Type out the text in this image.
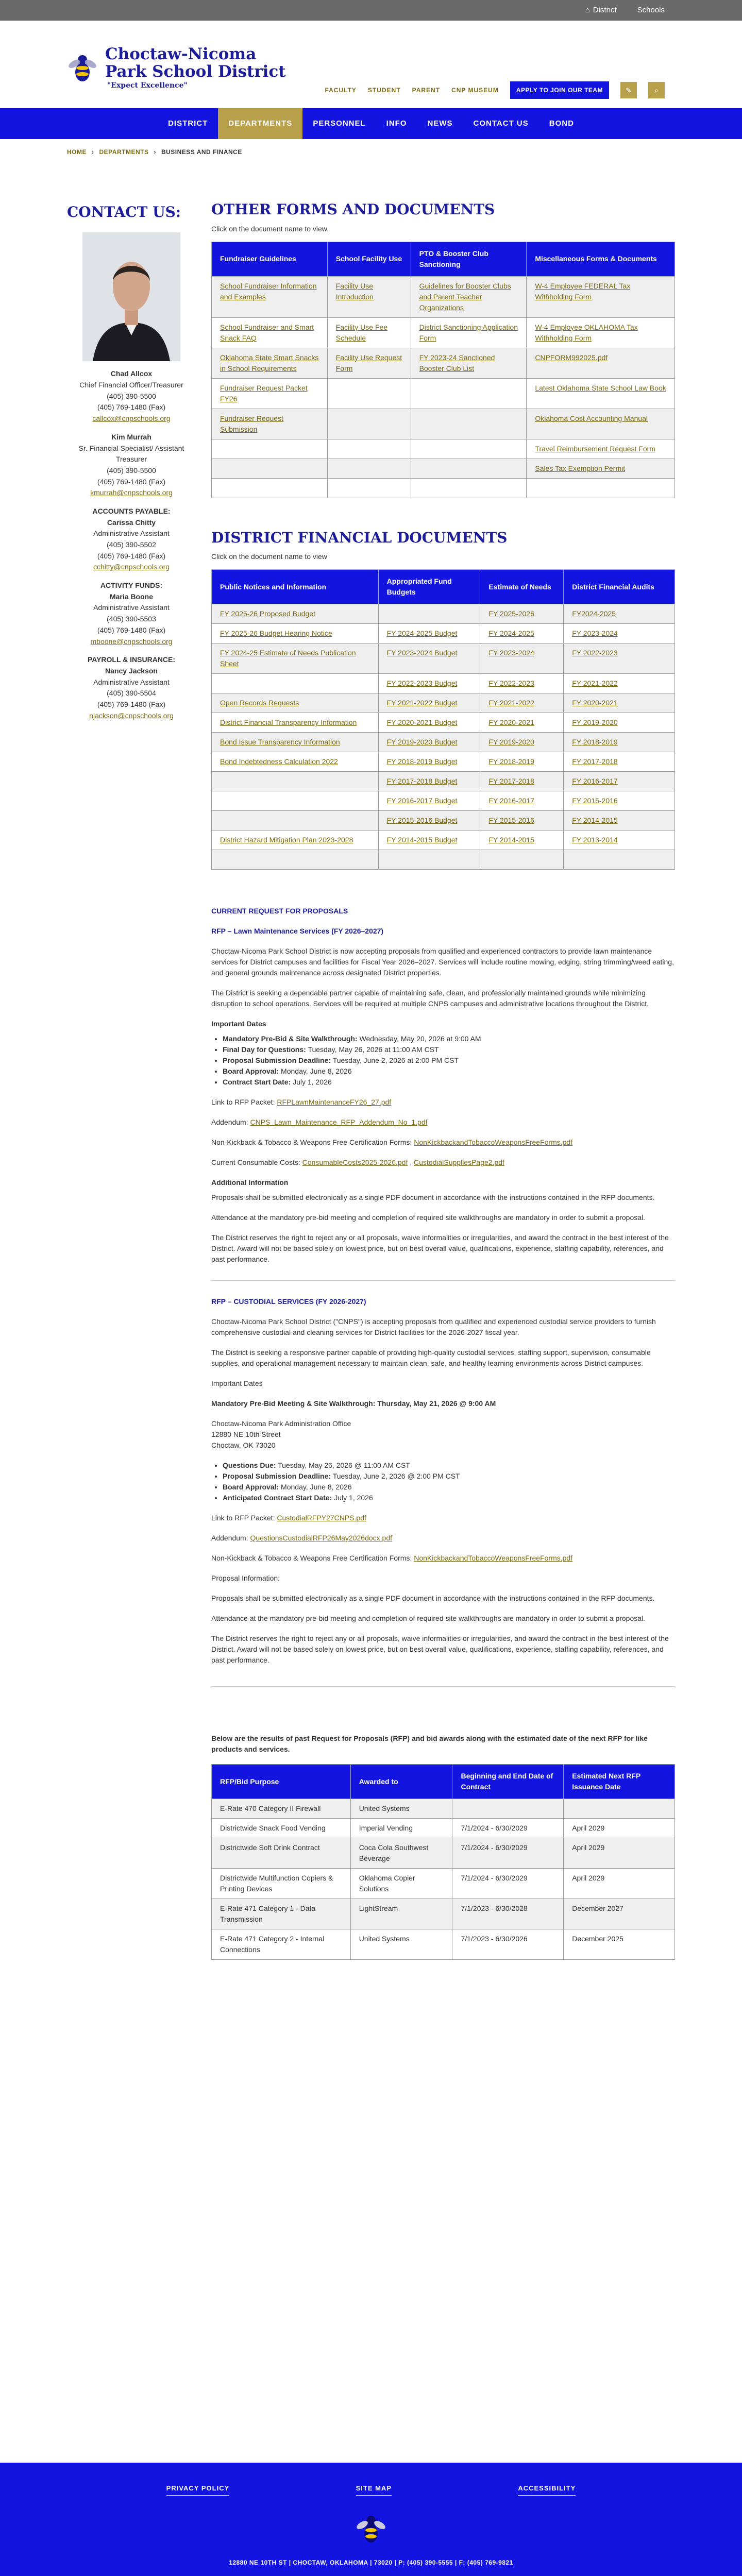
⌂ District	Schools
Choctaw-Nicoma
Park School District
"Expect Excellence"
FACULTY STUDENT PARENT CNP MUSEUM	APPLY TO JOIN OUR TEAM	✎	⌕
DISTRICT	DEPARTMENTS	PERSONNEL	INFO	NEWS	CONTACT US	BOND
HOME › DEPARTMENTS › BUSINESS AND FINANCE
CONTACT US:
Chad Allcox
Chief Financial Officer/Treasurer
(405) 390-5500
(405) 769-1480 (Fax)
callcox@cnpschools.org
Kim Murrah
Sr. Financial Specialist/ Assistant Treasurer
(405) 390-5500
(405) 769-1480 (Fax)
kmurrah@cnpschools.org
ACCOUNTS PAYABLE:
Carissa Chitty
Administrative Assistant
(405) 390-5502
(405) 769-1480 (Fax)
cchitty@cnpschools.org
ACTIVITY FUNDS:
Maria Boone
Administrative Assistant
(405) 390-5503
(405) 769-1480 (Fax)
mboone@cnpschools.org
PAYROLL & INSURANCE:
Nancy Jackson
Administrative Assistant
(405) 390-5504
(405) 769-1480 (Fax)
njackson@cnpschools.org
OTHER FORMS AND DOCUMENTS
Click on the document name to view.
Fundraiser Guidelines	School Facility Use	PTO & Booster Club Sanctioning	Miscellaneous Forms & Documents
School Fundraiser Information and Examples	Facility Use Introduction	Guidelines for Booster Clubs and Parent Teacher Organizations	W-4 Employee FEDERAL Tax Withholding Form
School Fundraiser and Smart Snack FAQ	Facility Use Fee Schedule	District Sanctioning Application Form	W-4 Employee OKLAHOMA Tax Withholding Form
Oklahoma State Smart Snacks in School Requirements	Facility Use Request Form	FY 2023-24 Sanctioned Booster Club List	CNPFORM992025.pdf
Fundraiser Request Packet FY26			Latest Oklahoma State School Law Book
Fundraiser Request Submission			Oklahoma Cost Accounting Manual
			Travel Reimbursement Request Form
			Sales Tax Exemption Permit

DISTRICT FINANCIAL DOCUMENTS
Click on the document name to view
Public Notices and Information	Appropriated Fund Budgets	Estimate of Needs	District Financial Audits
FY 2025-26 Proposed Budget		FY 2025-2026	FY2024-2025
FY 2025-26 Budget Hearing Notice	FY 2024-2025 Budget	FY 2024-2025	FY 2023-2024
FY 2024-25 Estimate of Needs Publication Sheet	FY 2023-2024 Budget	FY 2023-2024	FY 2022-2023
	FY 2022-2023 Budget	FY 2022-2023	FY 2021-2022
Open Records Requests	FY 2021-2022 Budget	FY 2021-2022	FY 2020-2021
District Financial Transparency Information	FY 2020-2021 Budget	FY 2020-2021	FY 2019-2020
Bond Issue Transparency Information	FY 2019-2020 Budget	FY 2019-2020	FY 2018-2019
Bond Indebtedness Calculation 2022	FY 2018-2019 Budget	FY 2018-2019	FY 2017-2018
	FY 2017-2018 Budget	FY 2017-2018	FY 2016-2017
	FY 2016-2017 Budget	FY 2016-2017	FY 2015-2016
	FY 2015-2016 Budget	FY 2015-2016	FY 2014-2015
District Hazard Mitigation Plan 2023-2028	FY 2014-2015 Budget	FY 2014-2015	FY 2013-2014

CURRENT REQUEST FOR PROPOSALS
RFP – Lawn Maintenance Services (FY 2026–2027)

Choctaw-Nicoma Park School District is now accepting proposals from qualified and experienced contractors to provide lawn maintenance services for District campuses and facilities for Fiscal Year 2026–2027. Services will include routine mowing, edging, string trimming/weed eating, and general grounds maintenance across designated District properties.

The District is seeking a dependable partner capable of maintaining safe, clean, and professionally maintained grounds while minimizing disruption to school operations. Services will be required at multiple CNPS campuses and administrative locations throughout the District.

Important Dates

• Mandatory Pre-Bid & Site Walkthrough: Wednesday, May 20, 2026 at 9:00 AM
• Final Day for Questions: Tuesday, May 26, 2026 at 11:00 AM CST
• Proposal Submission Deadline: Tuesday, June 2, 2026 at 2:00 PM CST
• Board Approval: Monday, June 8, 2026
• Contract Start Date: July 1, 2026

Link to RFP Packet: RFPLawnMaintenanceFY26_27.pdf

Addendum: CNPS_Lawn_Maintenance_RFP_Addendum_No_1.pdf

Non-Kickback & Tobacco & Weapons Free Certification Forms: NonKickbackandTobaccoWeaponsFreeForms.pdf

Current Consumable Costs: ConsumableCosts2025-2026.pdf , CustodialSuppliesPage2.pdf

Additional Information

Proposals shall be submitted electronically as a single PDF document in accordance with the instructions contained in the RFP documents.

Attendance at the mandatory pre-bid meeting and completion of required site walkthroughs are mandatory in order to submit a proposal.

The District reserves the right to reject any or all proposals, waive informalities or irregularities, and award the contract in the best interest of the District. Award will not be based solely on lowest price, but on best overall value, qualifications, experience, staffing capability, references, and past performance.

RFP – CUSTODIAL SERVICES (FY 2026-2027)

Choctaw-Nicoma Park School District ("CNPS") is accepting proposals from qualified and experienced custodial service providers to furnish comprehensive custodial and cleaning services for District facilities for the 2026-2027 fiscal year.

The District is seeking a responsive partner capable of providing high-quality custodial services, staffing support, supervision, consumable supplies, and operational management necessary to maintain clean, safe, and healthy learning environments across District campuses.

Important Dates

Mandatory Pre-Bid Meeting & Site Walkthrough: Thursday, May 21, 2026 @ 9:00 AM

Choctaw-Nicoma Park Administration Office
12880 NE 10th Street
Choctaw, OK 73020

• Questions Due: Tuesday, May 26, 2026 @ 11:00 AM CST
• Proposal Submission Deadline: Tuesday, June 2, 2026 @ 2:00 PM CST
• Board Approval: Monday, June 8, 2026
• Anticipated Contract Start Date: July 1, 2026

Link to RFP Packet: CustodialRFPY27CNPS.pdf

Addendum: QuestionsCustodialRFP26May2026docx.pdf

Non-Kickback & Tobacco & Weapons Free Certification Forms: NonKickbackandTobaccoWeaponsFreeForms.pdf

Proposal Information:

Proposals shall be submitted electronically as a single PDF document in accordance with the instructions contained in the RFP documents.

Attendance at the mandatory pre-bid meeting and completion of required site walkthroughs are mandatory in order to submit a proposal.

The District reserves the right to reject any or all proposals, waive informalities or irregularities, and award the contract in the best interest of the District. Award will not be based solely on lowest price, but on best overall value, qualifications, experience, staffing capability, references, and past performance.

Below are the results of past Request for Proposals (RFP) and bid awards along with the estimated date of the next RFP for like products and services.

RFP/Bid Purpose	Awarded to	Beginning and End Date of Contract	Estimated Next RFP Issuance Date
E-Rate 470 Category II Firewall	United Systems		
Districtwide Snack Food Vending	Imperial Vending	7/1/2024 - 6/30/2029	April 2029
Districtwide Soft Drink Contract	Coca Cola Southwest Beverage	7/1/2024 - 6/30/2029	April 2029
Districtwide Multifunction Copiers & Printing Devices	Oklahoma Copier Solutions	7/1/2024 - 6/30/2029	April 2029
E-Rate 471 Category 1 - Data Transmission	LightStream	7/1/2023 - 6/30/2028	December 2027
E-Rate 471 Category 2 - Internal Connections	United Systems	7/1/2023 - 6/30/2026	December 2025
PRIVACY POLICY	SITE MAP	ACCESSIBILITY
12880 NE 10TH ST | CHOCTAW, OKLAHOMA | 73020 | P: (405) 390-5555 | F: (405) 769-9821
